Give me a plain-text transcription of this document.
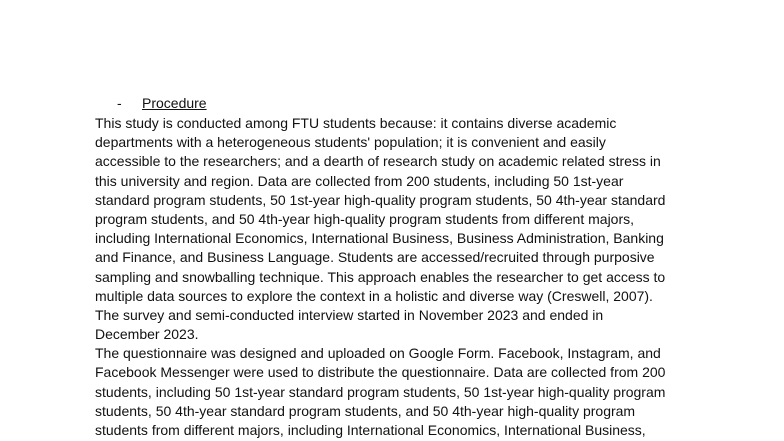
- Procedure
This study is conducted among FTU students because: it contains diverse academic
departments with a heterogeneous students' population; it is convenient and easily
accessible to the researchers; and a dearth of research study on academic related stress in
this university and region. Data are collected from 200 students, including 50 1st-year
standard program students, 50 1st-year high-quality program students, 50 4th-year standard
program students, and 50 4th-year high-quality program students from different majors,
including International Economics, International Business, Business Administration, Banking
and Finance, and Business Language. Students are accessed/recruited through purposive
sampling and snowballing technique. This approach enables the researcher to get access to
multiple data sources to explore the context in a holistic and diverse way (Creswell, 2007).
The survey and semi-conducted interview started in November 2023 and ended in
December 2023.
The questionnaire was designed and uploaded on Google Form. Facebook, Instagram, and
Facebook Messenger were used to distribute the questionnaire. Data are collected from 200
students, including 50 1st-year standard program students, 50 1st-year high-quality program
students, 50 4th-year standard program students, and 50 4th-year high-quality program
students from different majors, including International Economics, International Business,
